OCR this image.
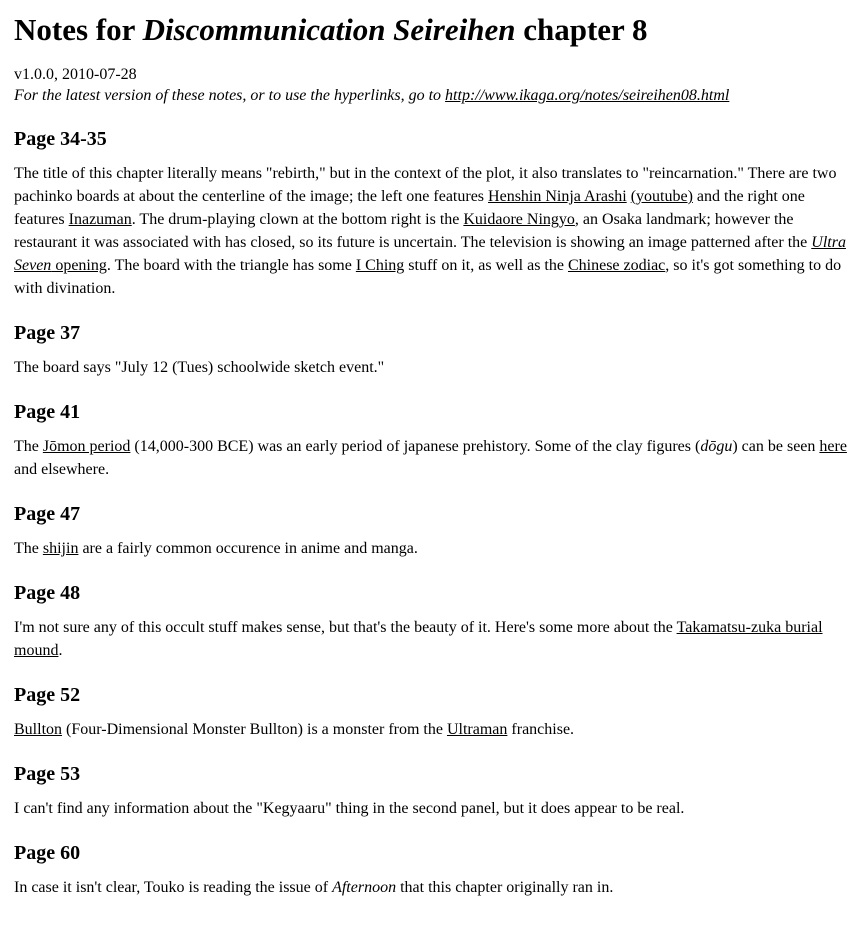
Notes for Discommunication Seireihen chapter 8
v1.0.0, 2010-07-28
For the latest version of these notes, or to use the hyperlinks, go to http://www.ikaga.org/notes/seireihen08.html
Page 34-35

The title of this chapter literally means "rebirth," but in the context of the plot, it also translates to "reincarnation." There are two pachinko boards at about the centerline of the image; the left one features Henshin Ninja Arashi (youtube) and the right one features Inazuman. The drum-playing clown at the bottom right is the Kuidaore Ningyo, an Osaka landmark; however the restaurant it was associated with has closed, so its future is uncertain. The television is showing an image patterned after the Ultra Seven opening. The board with the triangle has some I Ching stuff on it, as well as the Chinese zodiac, so it's got something to do with divination.

Page 37

The board says "July 12 (Tues) schoolwide sketch event."

Page 41

The Jōmon period (14,000-300 BCE) was an early period of japanese prehistory. Some of the clay figures (dōgu) can be seen here and elsewhere.

Page 47

The shijin are a fairly common occurence in anime and manga.

Page 48

I'm not sure any of this occult stuff makes sense, but that's the beauty of it. Here's some more about the Takamatsu-zuka burial mound.

Page 52

Bullton (Four-Dimensional Monster Bullton) is a monster from the Ultraman franchise.

Page 53

I can't find any information about the "Kegyaaru" thing in the second panel, but it does appear to be real.

Page 60

In case it isn't clear, Touko is reading the issue of Afternoon that this chapter originally ran in.
